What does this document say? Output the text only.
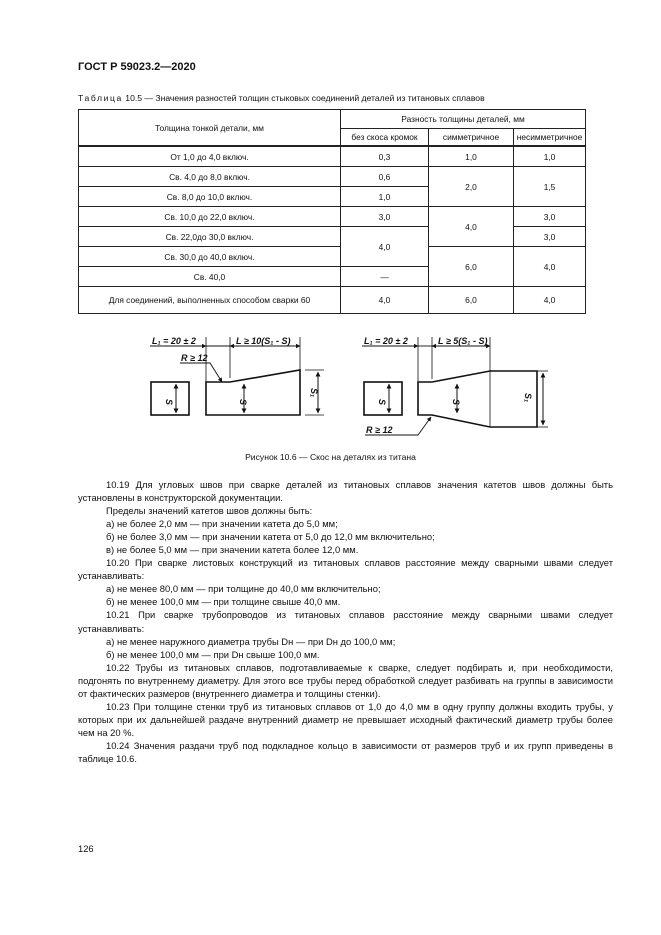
ГОСТ Р 59023.2—2020
Таблица 10.5 — Значения разностей толщин стыковых соединений деталей из титановых сплавов
Толщина тонкой детали, мм	Разность толщины деталей, мм		
	без скоса кромок	симметричное	несимметричное
От 1,0 до 4,0 включ.	0,3	1,0	1,0
Св. 4,0 до 8,0 включ.	0,6	2,0	1,5
Св. 8,0 до 10,0 включ.	1,0		
Св. 10,0 до 22,0 включ.	3,0	4,0	3,0
Св. 22,0до 30,0 включ.	4,0		3,0
Св. 30,0 до 40,0 включ.		6,0	4,0
Св. 40,0	—		
Для соединений, выполненных способом сварки 60	4,0	6,0	4,0
L₁ = 20 ± 2	L ≥ 10(S₁ - S)
R ≥ 12
S	S
S₁
L₁ = 20 ± 2	L ≥ 5(S₁ - S)
R ≥ 12
S	S	S₁
Рисунок 10.6 — Скос на деталях из титана

10.19 Для угловых швов при сварке деталей из титановых сплавов значения катетов швов должны быть установлены в конструкторской документации.

Пределы значений катетов швов должны быть:

а) не более 2,0 мм — при значении катета до 5,0 мм;

б) не более 3,0 мм — при значении катета от 5,0 до 12,0 мм включительно;

в) не более 5,0 мм — при значении катета более 12,0 мм.

10.20 При сварке листовых конструкций из титановых сплавов расстояние между сварными швами следует устанавливать:

а) не менее 80,0 мм — при толщине до 40,0 мм включительно;

б) не менее 100,0 мм — при толщине свыше 40,0 мм.

10.21 При сварке трубопроводов из титановых сплавов расстояние между сварными швами следует устанавливать:

а) не менее наружного диаметра трубы Dн — при Dн до 100,0 мм;

б) не менее 100,0 мм — при Dн свыше 100,0 мм.

10.22 Трубы из титановых сплавов, подготавливаемые к сварке, следует подбирать и, при необходимости, подгонять по внутреннему диаметру. Для этого все трубы перед обработкой следует разбивать на группы в зависимости от фактических размеров (внутреннего диаметра и толщины стенки).

10.23 При толщине стенки труб из титановых сплавов от 1,0 до 4,0 мм в одну группу должны входить трубы, у которых при их дальнейшей раздаче внутренний диаметр не превышает исходный фактический диаметр трубы более чем на 20 %.

10.24 Значения раздачи труб под подкладное кольцо в зависимости от размеров труб и их групп приведены в таблице 10.6.

126
